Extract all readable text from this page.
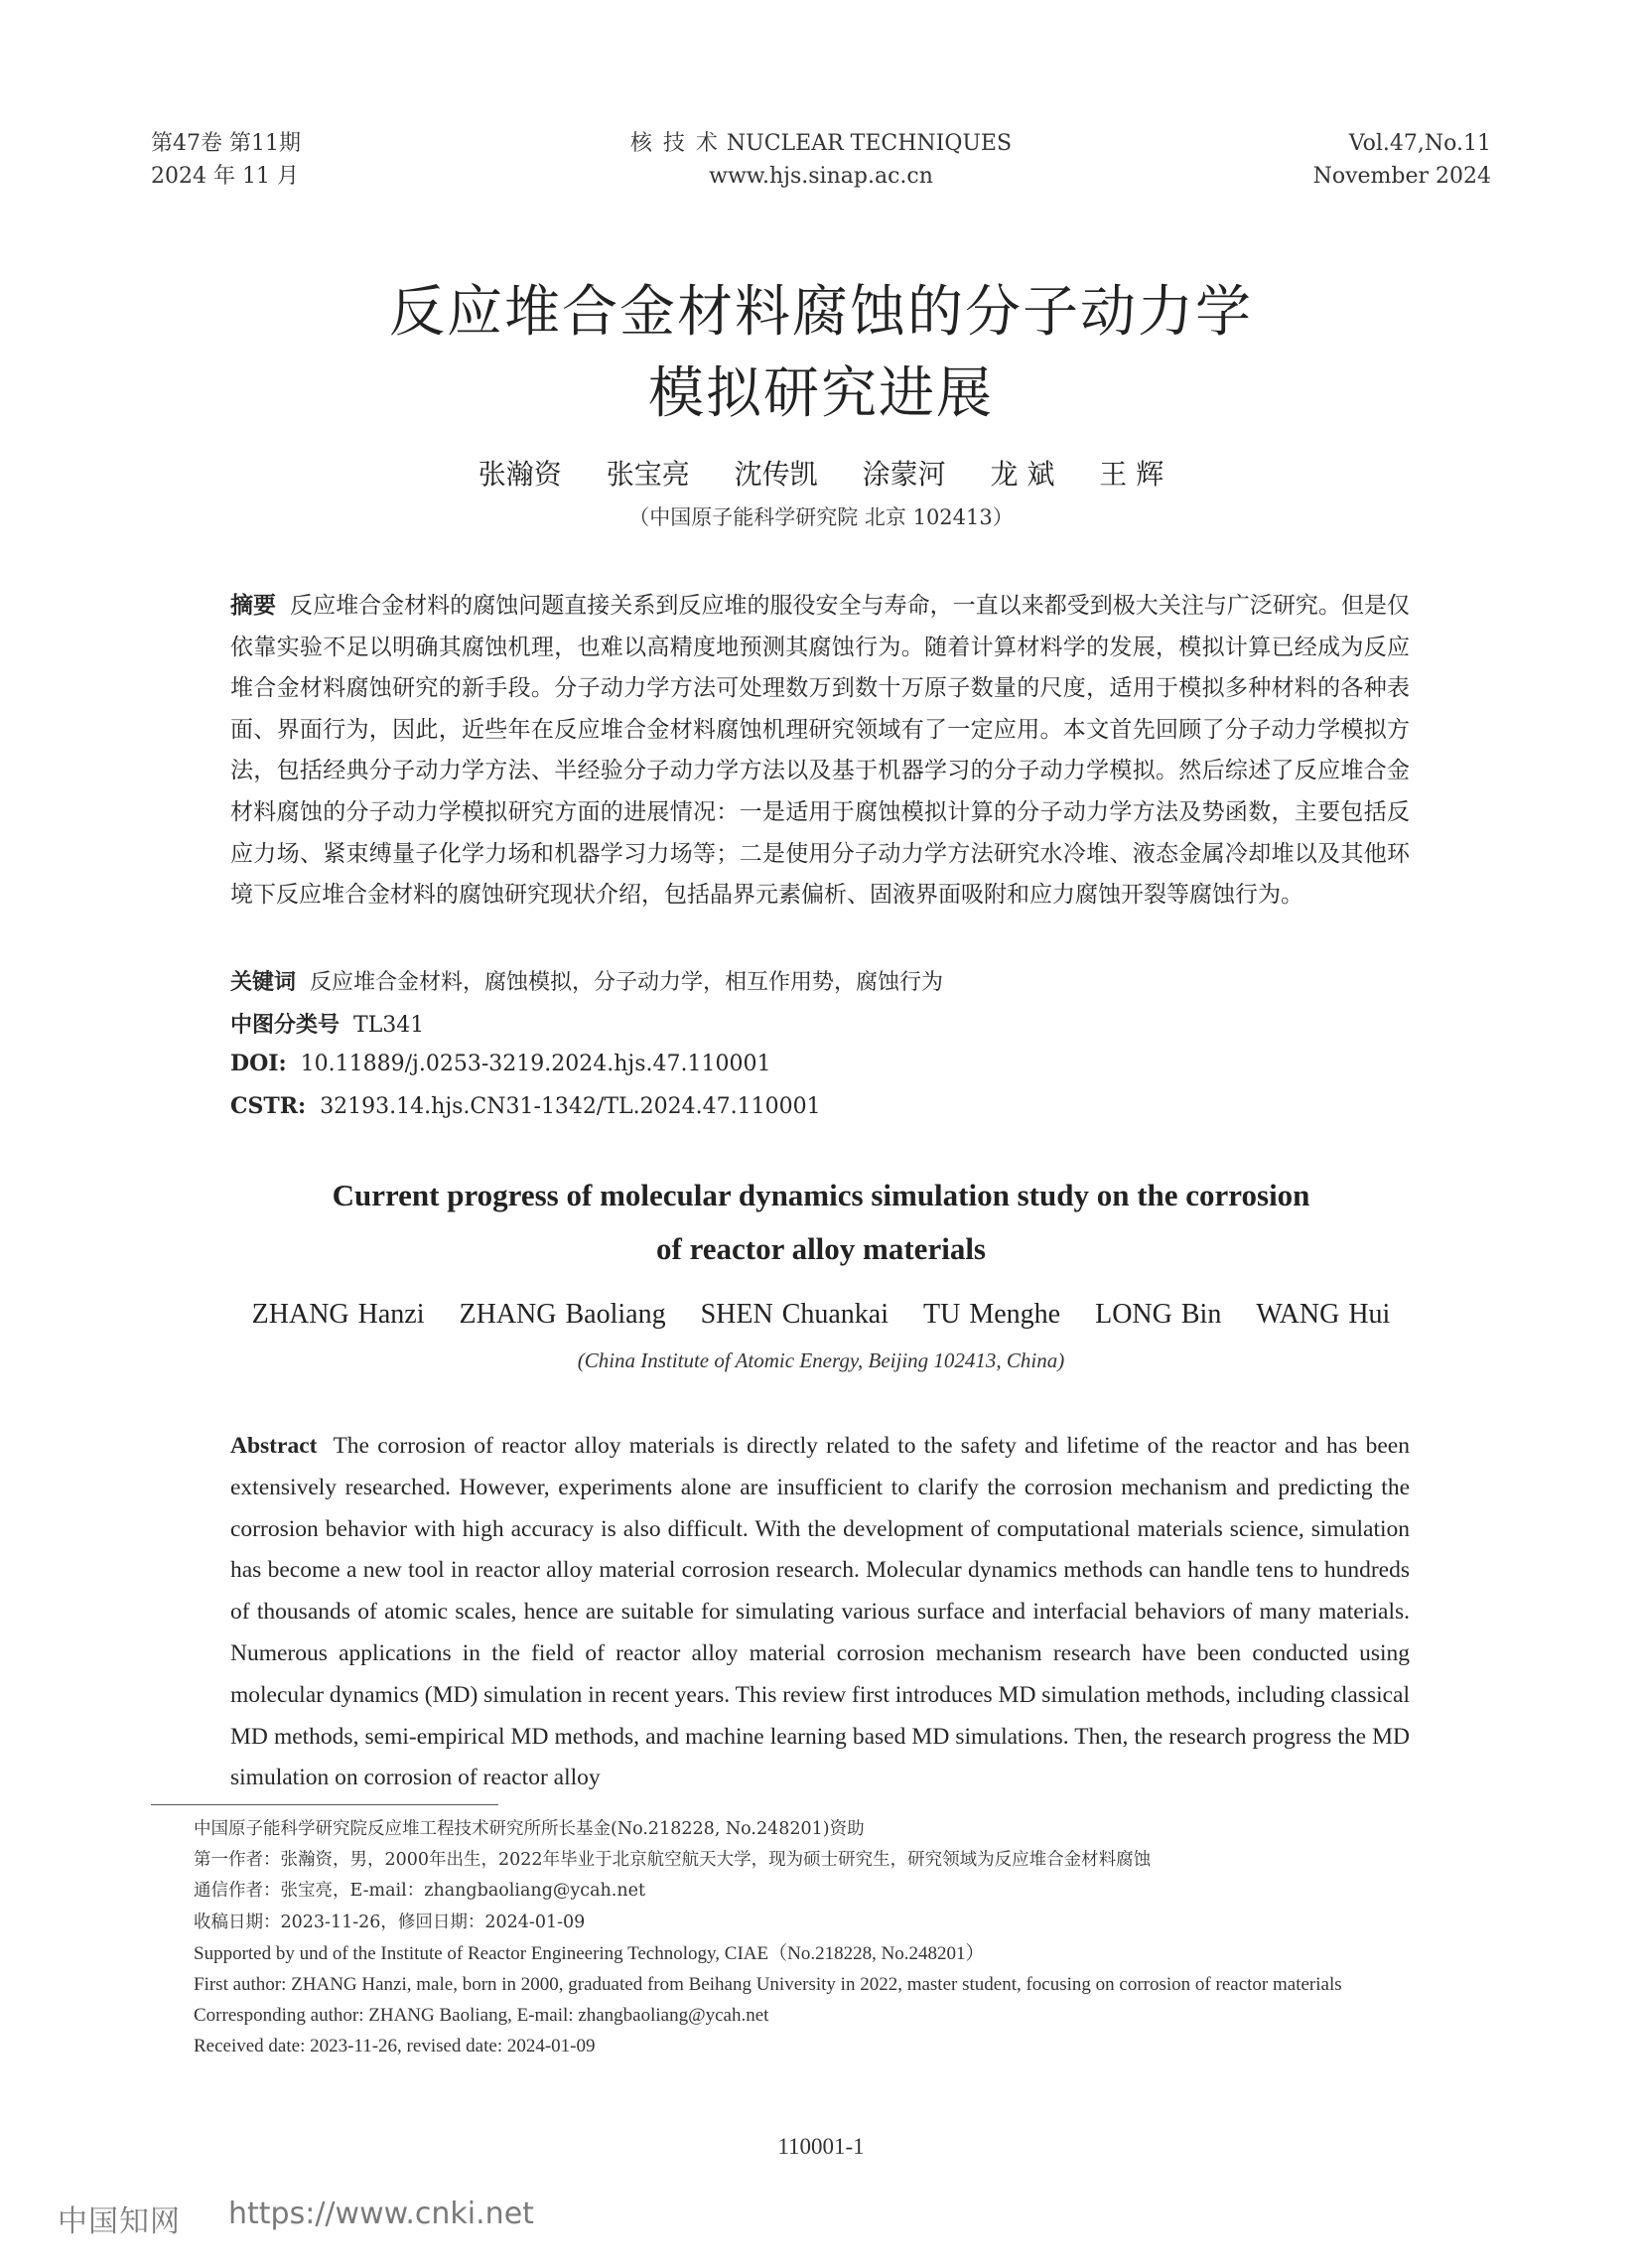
第47卷 第11期
2024 年 11 月
核 技 术 NUCLEAR TECHNIQUES
www.hjs.sinap.ac.cn
Vol.47,No.11
November 2024
反应堆合金材料腐蚀的分子动力学
模拟研究进展
张瀚资 张宝亮 沈传凯 涂蒙河 龙 斌 王 辉
（中国原子能科学研究院 北京 102413）
摘要 反应堆合金材料的腐蚀问题直接关系到反应堆的服役安全与寿命，一直以来都受到极大关注与广泛研究。但是仅依靠实验不足以明确其腐蚀机理，也难以高精度地预测其腐蚀行为。随着计算材料学的发展，模拟计算已经成为反应堆合金材料腐蚀研究的新手段。分子动力学方法可处理数万到数十万原子数量的尺度，适用于模拟多种材料的各种表面、界面行为，因此，近些年在反应堆合金材料腐蚀机理研究领域有了一定应用。本文首先回顾了分子动力学模拟方法，包括经典分子动力学方法、半经验分子动力学方法以及基于机器学习的分子动力学模拟。然后综述了反应堆合金材料腐蚀的分子动力学模拟研究方面的进展情况：一是适用于腐蚀模拟计算的分子动力学方法及势函数，主要包括反应力场、紧束缚量子化学力场和机器学习力场等；二是使用分子动力学方法研究水冷堆、液态金属冷却堆以及其他环境下反应堆合金材料的腐蚀研究现状介绍，包括晶界元素偏析、固液界面吸附和应力腐蚀开裂等腐蚀行为。
关键词 反应堆合金材料，腐蚀模拟，分子动力学，相互作用势，腐蚀行为
中图分类号 TL341
DOI: 10.11889/j.0253-3219.2024.hjs.47.110001
CSTR: 32193.14.hjs.CN31-1342/TL.2024.47.110001
Current progress of molecular dynamics simulation study on the corrosion
of reactor alloy materials
ZHANG Hanzi ZHANG Baoliang SHEN Chuankai TU Menghe LONG Bin WANG Hui
(China Institute of Atomic Energy, Beijing 102413, China)
Abstract The corrosion of reactor alloy materials is directly related to the safety and lifetime of the reactor and has been extensively researched. However, experiments alone are insufficient to clarify the corrosion mechanism and predicting the corrosion behavior with high accuracy is also difficult. With the development of computational materials science, simulation has become a new tool in reactor alloy material corrosion research. Molecular dynamics methods can handle tens to hundreds of thousands of atomic scales, hence are suitable for simulating various surface and interfacial behaviors of many materials. Numerous applications in the field of reactor alloy material corrosion mechanism research have been conducted using molecular dynamics (MD) simulation in recent years. This review first introduces MD simulation methods, including classical MD methods, semi-empirical MD methods, and machine learning based MD simulations. Then, the research progress the MD simulation on corrosion of reactor alloy
中国原子能科学研究院反应堆工程技术研究所所长基金(No.218228, No.248201)资助
第一作者：张瀚资，男，2000年出生，2022年毕业于北京航空航天大学，现为硕士研究生，研究领域为反应堆合金材料腐蚀
通信作者：张宝亮，E-mail：zhangbaoliang@ycah.net
收稿日期：2023-11-26，修回日期：2024-01-09
Supported by und of the Institute of Reactor Engineering Technology, CIAE（No.218228, No.248201）
First author: ZHANG Hanzi, male, born in 2000, graduated from Beihang University in 2022, master student, focusing on corrosion of reactor materials
Corresponding author: ZHANG Baoliang, E-mail: zhangbaoliang@ycah.net
Received date: 2023-11-26, revised date: 2024-01-09
110001-1
中国知网 https://www.cnki.net
